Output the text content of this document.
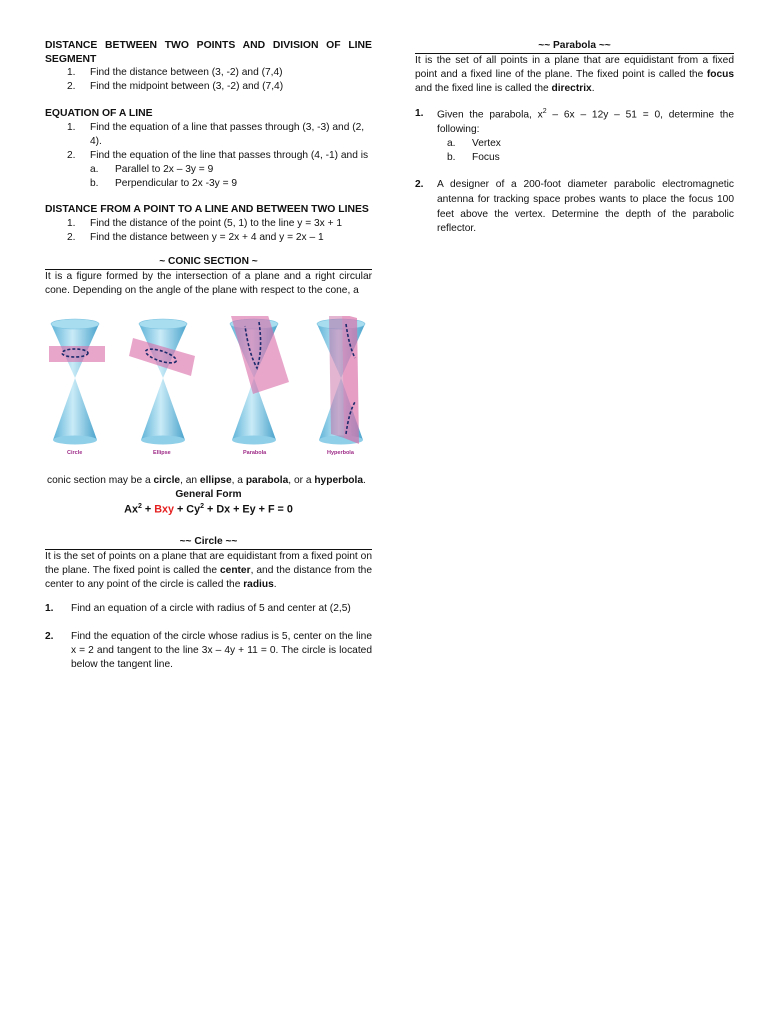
DISTANCE BETWEEN TWO POINTS AND DIVISION OF LINE SEGMENT
1.	Find the distance between (3, -2) and (7,4)
2.	Find the midpoint between (3, -2) and (7,4)
EQUATION OF A LINE
1.	Find the equation of a line that passes through (3, -3) and (2, 4).
2.	Find the equation of the line that passes through (4, -1) and is
a.	Parallel to 2x – 3y = 9
b.	Perpendicular to 2x -3y = 9
DISTANCE FROM A POINT TO A LINE AND BETWEEN TWO LINES
1.	Find the distance of the point (5, 1) to the line y = 3x + 1
2.	Find the distance between y = 2x + 4 and y = 2x – 1
~ CONIC SECTION ~
It is a figure formed by the intersection of a plane and a right circular cone. Depending on the angle of the plane with respect to the cone, a
Circle	Ellipse	Parabola	Hyperbola
conic section may be a circle, an ellipse, a parabola, or a hyperbola.
General Form
$Ax^2$ + Bxy + $Cy^2 + Dx + Ey + F = 0$
~~ Circle ~~
It is the set of points on a plane that are equidistant from a fixed point on the plane. The fixed point is called the center, and the distance from the center to any point of the circle is called the radius.
1.	Find an equation of a circle with radius of 5 and center at (2,5)
2.	Find the equation of the circle whose radius is 5, center on the line x = 2 and tangent to the line 3x – 4y + 11 = 0. The circle is located below the tangent line.
~~ Parabola ~~
It is the set of all points in a plane that are equidistant from a fixed point and a fixed line of the plane. The fixed point is called the focus and the fixed line is called the directrix.
1.	Given the parabola, $x^2 - 6x - 12y - 51 = 0$, determine the following:
a.	Vertex
b.	Focus
2.	A designer of a 200-foot diameter parabolic electromagnetic antenna for tracking space probes wants to place the focus 100 feet above the vertex. Determine the depth of the parabolic reflector.
